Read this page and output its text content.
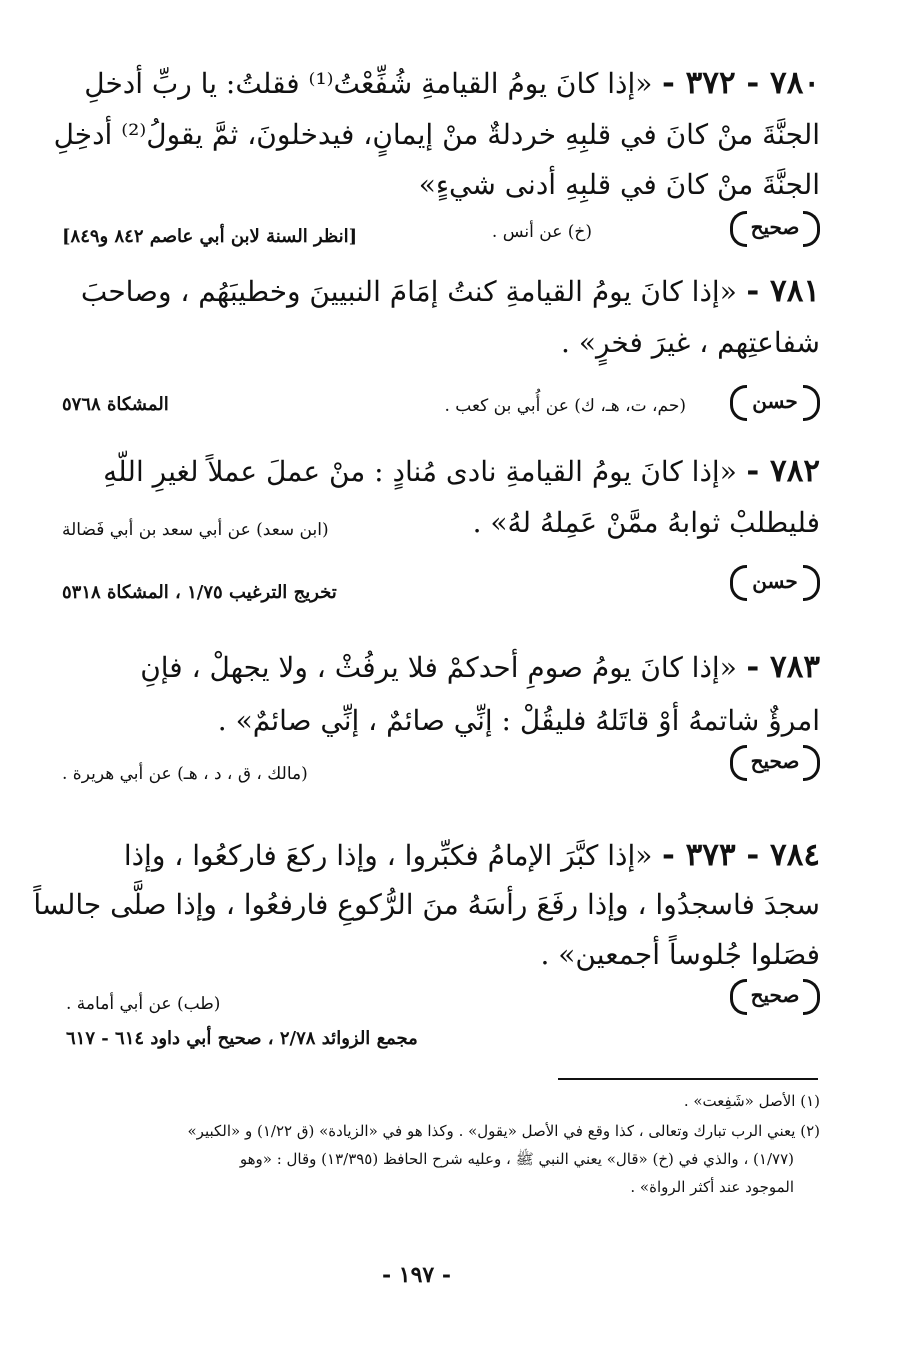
٧٨٠ - ٣٧٢ - «إذا كانَ يومُ القيامةِ شُفِّعْتُ⁽¹⁾ فقلتُ: يا ربِّ أدخلِ
الجنَّةَ منْ كانَ في قلبِهِ خردلةٌ منْ إيمانٍ، فيدخلونَ، ثمَّ يقولُ⁽²⁾ أدخِلِ
الجنَّةَ منْ كانَ في قلبِهِ أدنى شيءٍ»
صحيح
(خ) عن أنس .
[انظر السنة لابن أبي عاصم ٨٤٢ و٨٤٩]
٧٨١ - «إذا كانَ يومُ القيامةِ كنتُ إمَامَ النبيينَ وخطيبَهُم ، وصاحبَ
شفاعتِهم ، غيرَ فخرٍ» .
حسن
(حم، ت، هـ، ك) عن أُبي بن كعب .
المشكاة ٥٧٦٨
٧٨٢ - «إذا كانَ يومُ القيامةِ نادى مُنادٍ : منْ عملَ عملاً لغيرِ اللّهِ
فليطلبْ ثوابهُ ممَّنْ عَمِلهُ لهُ» .
(ابن سعد) عن أبي سعد بن أبي فَضالة
حسن
تخريج الترغيب ١/٧٥ ، المشكاة ٥٣١٨
٧٨٣ - «إذا كانَ يومُ صومِ أحدكمْ فلا يرفُثْ ، ولا يجهلْ ، فإنِ
امرؤٌ شاتمهُ أوْ قاتَلهُ فليقُلْ : إنِّي صائمٌ ، إنِّي صائمٌ» .
صحيح
(مالك ، ق ، د ، هـ) عن أبي هريرة .
٧٨٤ - ٣٧٣ - «إذا كبَّرَ الإمامُ فكبِّروا ، وإذا ركعَ فاركعُوا ، وإذا
سجدَ فاسجدُوا ، وإذا رفَعَ رأسَهُ منَ الرُّكوعِ فارفعُوا ، وإذا صلَّى جالساً
فصَلوا جُلوساً أجمعين» .
(طب) عن أبي أمامة .	صحيح
مجمع الزوائد ٢/٧٨ ، صحيح أبي داود ٦١٤ - ٦١٧
(١) الأصل «شَفِعت» .
(٢) يعني الرب تبارك وتعالى ، كذا وقع في الأصل «يقول» . وكذا هو في «الزيادة» (ق ١/٢٢) و «الكبير»
(١/٧٧) ، والذي في (خ) «قال» يعني النبي ﷺ ، وعليه شرح الحافظ (١٣/٣٩٥) وقال : «وهو
الموجود عند أكثر الرواة» .
- ١٩٧ -
